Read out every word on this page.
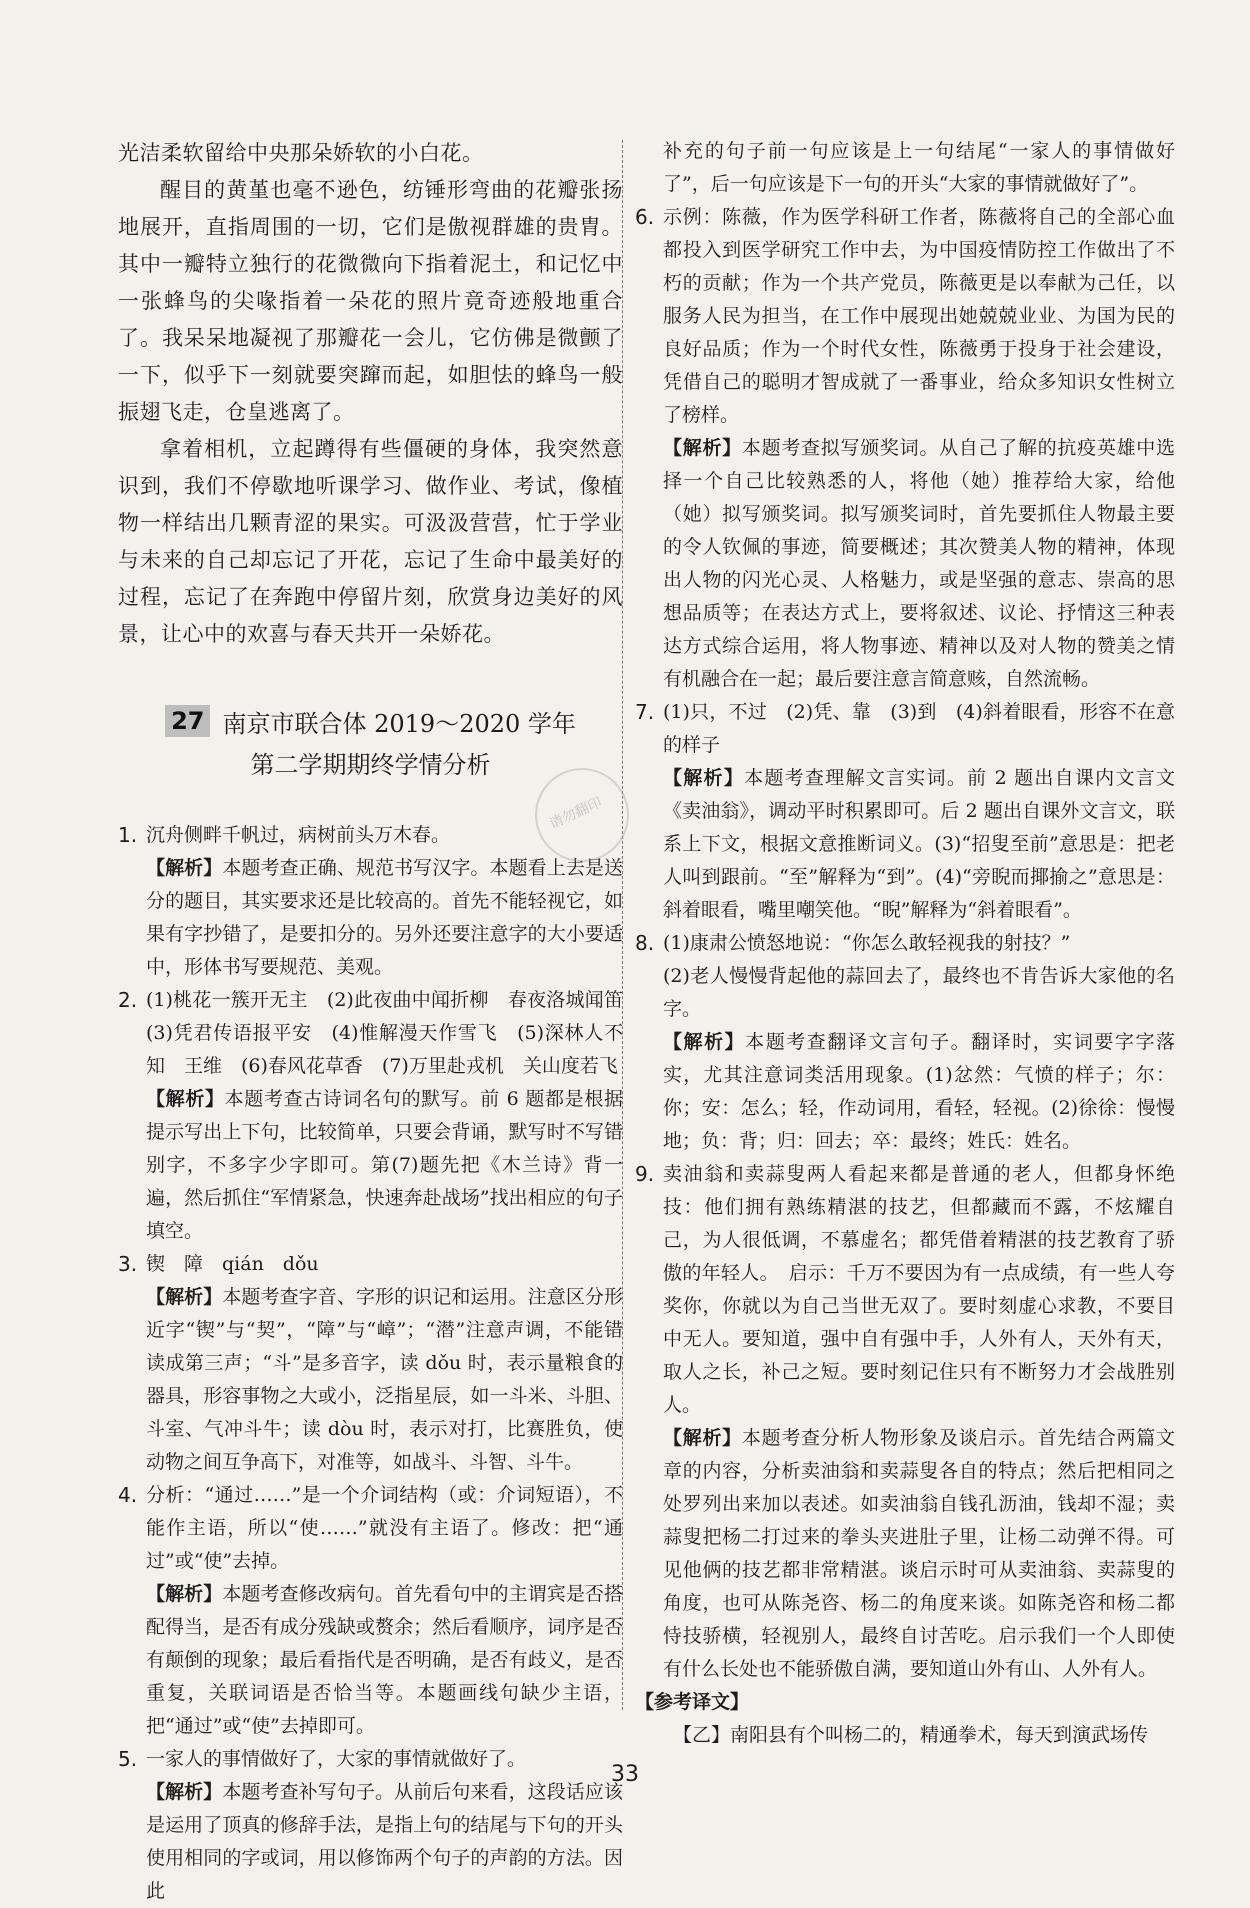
光洁柔软留给中央那朵娇软的小白花。

醒目的黄堇也毫不逊色，纺锤形弯曲的花瓣张扬地展开，直指周围的一切，它们是傲视群雄的贵胄。其中一瓣特立独行的花微微向下指着泥土，和记忆中一张蜂鸟的尖喙指着一朵花的照片竟奇迹般地重合了。我呆呆地凝视了那瓣花一会儿，它仿佛是微颤了一下，似乎下一刻就要突蹿而起，如胆怯的蜂鸟一般振翅飞走，仓皇逃离了。

拿着相机，立起蹲得有些僵硬的身体，我突然意识到，我们不停歇地听课学习、做作业、考试，像植物一样结出几颗青涩的果实。可汲汲营营，忙于学业与未来的自己却忘记了开花，忘记了生命中最美好的过程，忘记了在奔跑中停留片刻，欣赏身边美好的风景，让心中的欢喜与春天共开一朵娇花。

27 南京市联合体 2019～2020 学年
第二学期期终学情分析
1. 沉舟侧畔千帆过，病树前头万木春。
【解析】本题考查正确、规范书写汉字。本题看上去是送分的题目，其实要求还是比较高的。首先不能轻视它，如果有字抄错了，是要扣分的。另外还要注意字的大小要适中，形体书写要规范、美观。
2. (1)桃花一簇开无主　(2)此夜曲中闻折柳　春夜洛城闻笛　(3)凭君传语报平安　(4)惟解漫天作雪飞　(5)深林人不知　王维　(6)春风花草香　(7)万里赴戎机　关山度若飞
【解析】本题考查古诗词名句的默写。前 6 题都是根据提示写出上下句，比较简单，只要会背诵，默写时不写错别字，不多字少字即可。第(7)题先把《木兰诗》背一遍，然后抓住“军情紧急，快速奔赴战场”找出相应的句子填空。
3. 锲　障　qián　dǒu
【解析】本题考查字音、字形的识记和运用。注意区分形近字“锲”与“契”，“障”与“嶂”；“潜”注意声调，不能错读成第三声；“斗”是多音字，读 dǒu 时，表示量粮食的器具，形容事物之大或小，泛指星辰，如一斗米、斗胆、斗室、气冲斗牛；读 dòu 时，表示对打，比赛胜负，使动物之间互争高下，对准等，如战斗、斗智、斗牛。
4. 分析：“通过……”是一个介词结构（或：介词短语），不能作主语，所以“使……”就没有主语了。修改：把“通过”或“使”去掉。
【解析】本题考查修改病句。首先看句中的主谓宾是否搭配得当，是否有成分残缺或赘余；然后看顺序，词序是否有颠倒的现象；最后看指代是否明确，是否有歧义，是否重复，关联词语是否恰当等。本题画线句缺少主语，把“通过”或“使”去掉即可。
5. 一家人的事情做好了，大家的事情就做好了。
【解析】本题考查补写句子。从前后句来看，这段话应该是运用了顶真的修辞手法，是指上句的结尾与下句的开头使用相同的字或词，用以修饰两个句子的声韵的方法。因此
请勿翻印

补充的句子前一句应该是上一句结尾“一家人的事情做好了”，后一句应该是下一句的开头“大家的事情就做好了”。

6. 示例：陈薇，作为医学科研工作者，陈薇将自己的全部心血都投入到医学研究工作中去，为中国疫情防控工作做出了不朽的贡献；作为一个共产党员，陈薇更是以奉献为己任，以服务人民为担当，在工作中展现出她兢兢业业、为国为民的良好品质；作为一个时代女性，陈薇勇于投身于社会建设，凭借自己的聪明才智成就了一番事业，给众多知识女性树立了榜样。
【解析】本题考查拟写颁奖词。从自己了解的抗疫英雄中选择一个自己比较熟悉的人，将他（她）推荐给大家，给他（她）拟写颁奖词。拟写颁奖词时，首先要抓住人物最主要的令人钦佩的事迹，简要概述；其次赞美人物的精神，体现出人物的闪光心灵、人格魅力，或是坚强的意志、崇高的思想品质等；在表达方式上，要将叙述、议论、抒情这三种表达方式综合运用，将人物事迹、精神以及对人物的赞美之情有机融合在一起；最后要注意言简意赅，自然流畅。
7. (1)只，不过　(2)凭、靠　(3)到　(4)斜着眼看，形容不在意的样子
【解析】本题考查理解文言实词。前 2 题出自课内文言文《卖油翁》，调动平时积累即可。后 2 题出自课外文言文，联系上下文，根据文意推断词义。(3)“招叟至前”意思是：把老人叫到跟前。“至”解释为“到”。(4)“旁睨而揶揄之”意思是：斜着眼看，嘴里嘲笑他。“睨”解释为“斜着眼看”。
8. (1)康肃公愤怒地说：“你怎么敢轻视我的射技？”
(2)老人慢慢背起他的蒜回去了，最终也不肯告诉大家他的名字。
【解析】本题考查翻译文言句子。翻译时，实词要字字落实，尤其注意词类活用现象。(1)忿然：气愤的样子；尔：你；安：怎么；轻，作动词用，看轻，轻视。(2)徐徐：慢慢地；负：背；归：回去；卒：最终；姓氏：姓名。
9. 卖油翁和卖蒜叟两人看起来都是普通的老人，但都身怀绝技：他们拥有熟练精湛的技艺，但都藏而不露，不炫耀自己，为人很低调，不慕虚名；都凭借着精湛的技艺教育了骄傲的年轻人。　启示：千万不要因为有一点成绩，有一些人夸奖你，你就以为自己当世无双了。要时刻虚心求教，不要目中无人。要知道，强中自有强中手，人外有人，天外有天，取人之长，补己之短。要时刻记住只有不断努力才会战胜别人。
【解析】本题考查分析人物形象及谈启示。首先结合两篇文章的内容，分析卖油翁和卖蒜叟各自的特点；然后把相同之处罗列出来加以表述。如卖油翁自钱孔沥油，钱却不湿；卖蒜叟把杨二打过来的拳头夹进肚子里，让杨二动弹不得。可见他俩的技艺都非常精湛。谈启示时可从卖油翁、卖蒜叟的角度，也可从陈尧咨、杨二的角度来谈。如陈尧咨和杨二都恃技骄横，轻视别人，最终自讨苦吃。启示我们一个人即使有什么长处也不能骄傲自满，要知道山外有山、人外有人。

【参考译文】

【乙】南阳县有个叫杨二的，精通拳术，每天到演武场传

33
